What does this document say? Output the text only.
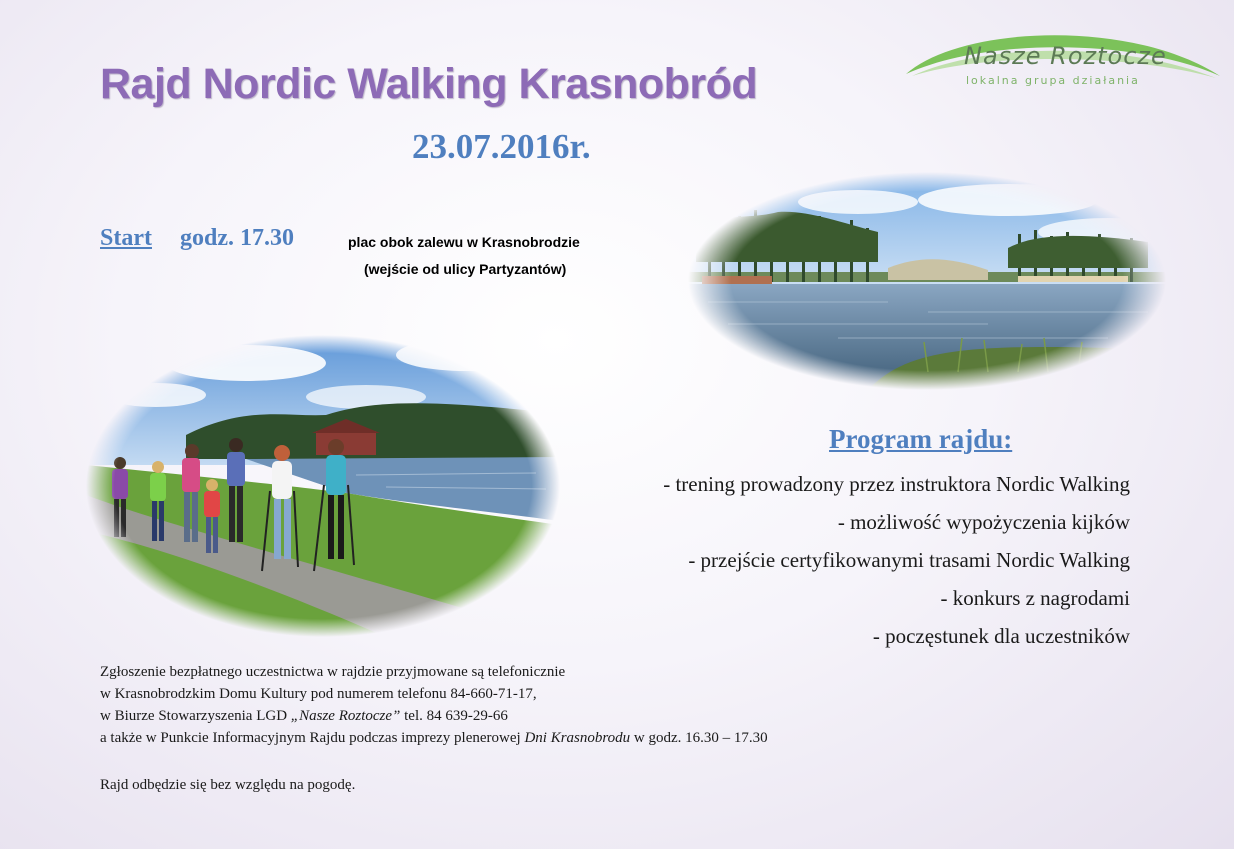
Nasze Roztocze
lokalna grupa działania
Rajd Nordic Walking Krasnobród
23.07.2016r.
Start godz. 17.30	plac obok zalewu w Krasnobrodzie
(wejście od ulicy Partyzantów)
Program rajdu:
- trening prowadzony przez instruktora Nordic Walking
- możliwość wypożyczenia kijków
- przejście certyfikowanymi trasami Nordic Walking
- konkurs z nagrodami
- poczęstunek dla uczestników
Zgłoszenie bezpłatnego uczestnictwa w rajdzie przyjmowane są telefonicznie
w Krasnobrodzkim Domu Kultury pod numerem telefonu 84-660-71-17,
w Biurze Stowarzyszenia LGD „Nasze Roztocze” tel. 84 639-29-66
a także w Punkcie Informacyjnym Rajdu podczas imprezy plenerowej Dni Krasnobrodu w godz. 16.30 – 17.30
Rajd odbędzie się bez względu na pogodę.
